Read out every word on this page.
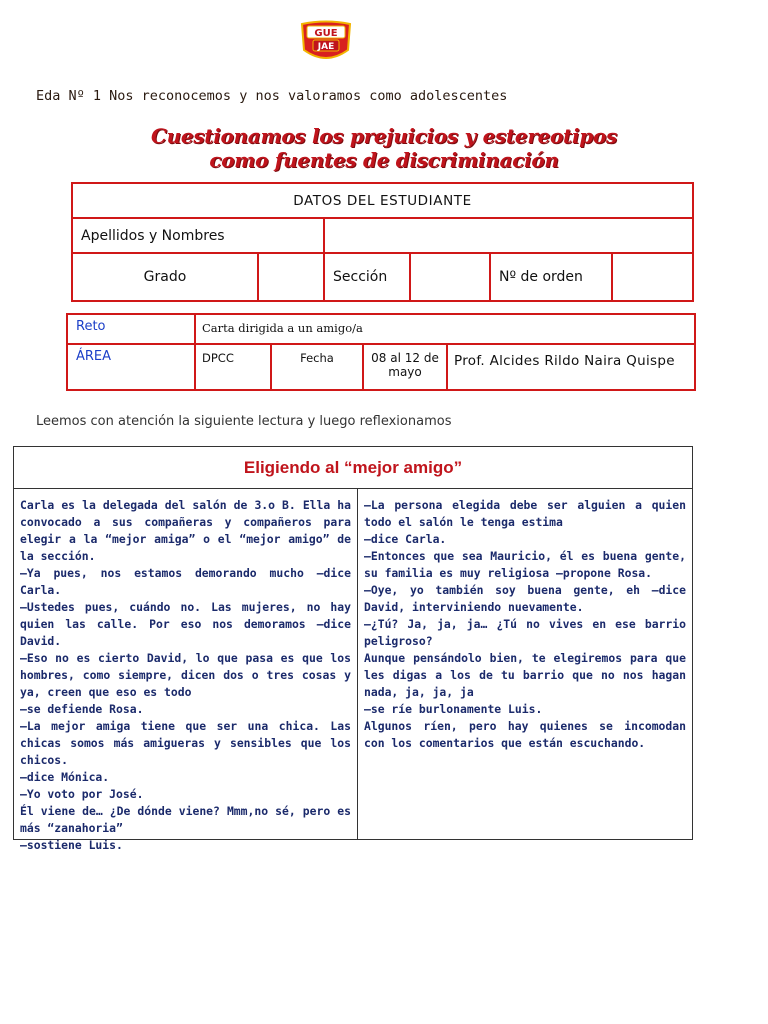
GUE
JAE
Eda Nº 1 Nos reconocemos y nos valoramos como adolescentes
Cuestionamos los prejuicios y estereotipos
como fuentes de discriminación
DATOS DEL ESTUDIANTE					
Apellidos y Nombres					
Grado		Sección		Nº de orden	
Reto	Carta dirigida a un amigo/a			
ÁREA	DPCC	Fecha	08 al 12 de mayo	Prof. Alcides Rildo Naira Quispe
Leemos con atención la siguiente lectura y luego reflexionamos
Eligiendo al “mejor amigo”

Carla es la delegada del salón de 3.o B. Ella ha convocado a sus compañeras y compañeros para elegir a la “mejor amiga” o el “mejor amigo” de la sección.

—Ya pues, nos estamos demorando mucho —dice Carla.

—Ustedes pues, cuándo no. Las mujeres, no hay quien las calle. Por eso nos demoramos —dice David.

—Eso no es cierto David, lo que pasa es que los hombres, como siempre, dicen dos o tres cosas y ya, creen que eso es todo

—se defiende Rosa.

—La mejor amiga tiene que ser una chica. Las chicas somos más amigueras y sensibles que los chicos.

—dice Mónica.

—Yo voto por José.

Él viene de… ¿De dónde viene? Mmm,no sé, pero es más “zanahoria”

—sostiene Luis.

—La persona elegida debe ser alguien a quien todo el salón le tenga estima

—dice Carla.

—Entonces que sea Mauricio, él es buena gente, su familia es muy religiosa —propone Rosa.

—Oye, yo también soy buena gente, eh —dice David, interviniendo nuevamente.

—¿Tú? Ja, ja, ja… ¿Tú no vives en ese barrio peligroso?

Aunque pensándolo bien, te elegiremos para que les digas a los de tu barrio que no nos hagan nada, ja, ja, ja

—se ríe burlonamente Luis.

Algunos ríen, pero hay quienes se incomodan con los comentarios que están escuchando.
